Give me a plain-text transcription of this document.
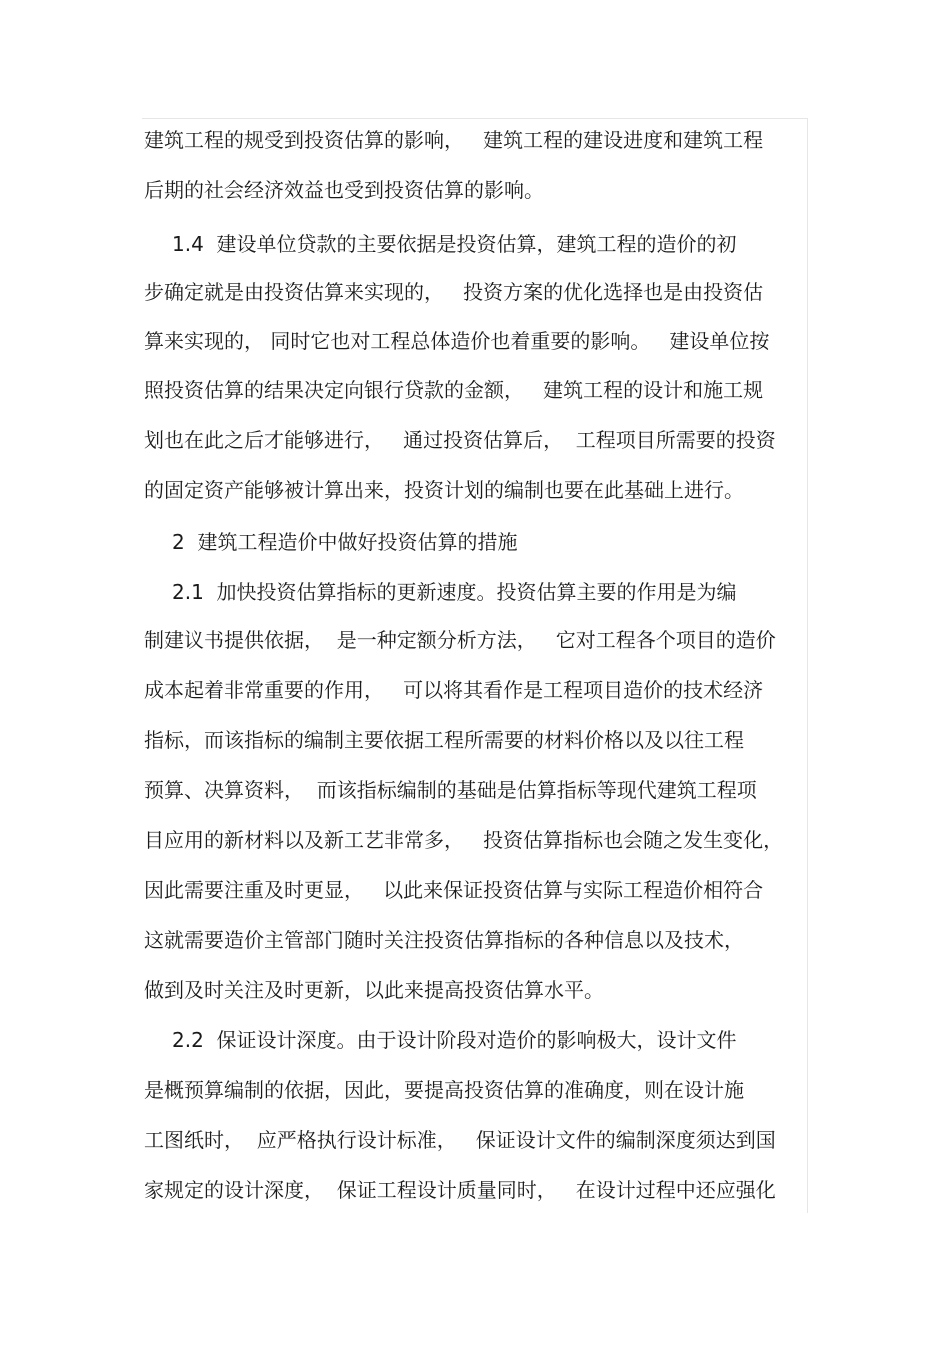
建筑工程的规受到投资估算的影响，   建筑工程的建设进度和建筑工程
后期的社会经济效益也受到投资估算的影响。
1.4  建设单位贷款的主要依据是投资估算，建筑工程的造价的初
步确定就是由投资估算来实现的，   投资方案的优化选择也是由投资估
算来实现的， 同时它也对工程总体造价也着重要的影响。   建设单位按
照投资估算的结果决定向银行贷款的金额，   建筑工程的设计和施工规
划也在此之后才能够进行，   通过投资估算后，  工程项目所需要的投资
的固定资产能够被计算出来，投资计划的编制也要在此基础上进行。
2  建筑工程造价中做好投资估算的措施
2.1  加快投资估算指标的更新速度。投资估算主要的作用是为编
制建议书提供依据，  是一种定额分析方法，   它对工程各个项目的造价
成本起着非常重要的作用，   可以将其看作是工程项目造价的技术经济
指标，而该指标的编制主要依据工程所需要的材料价格以及以往工程
预算、决算资料，  而该指标编制的基础是估算指标等现代建筑工程项
目应用的新材料以及新工艺非常多，   投资估算指标也会随之发生变化，
因此需要注重及时更显，   以此来保证投资估算与实际工程造价相符合
这就需要造价主管部门随时关注投资估算指标的各种信息以及技术，
做到及时关注及时更新，以此来提高投资估算水平。
2.2  保证设计深度。由于设计阶段对造价的影响极大，设计文件
是概预算编制的依据，因此，要提高投资估算的准确度，则在设计施
工图纸时，  应严格执行设计标准，   保证设计文件的编制深度须达到国
家规定的设计深度，  保证工程设计质量同时，   在设计过程中还应强化
